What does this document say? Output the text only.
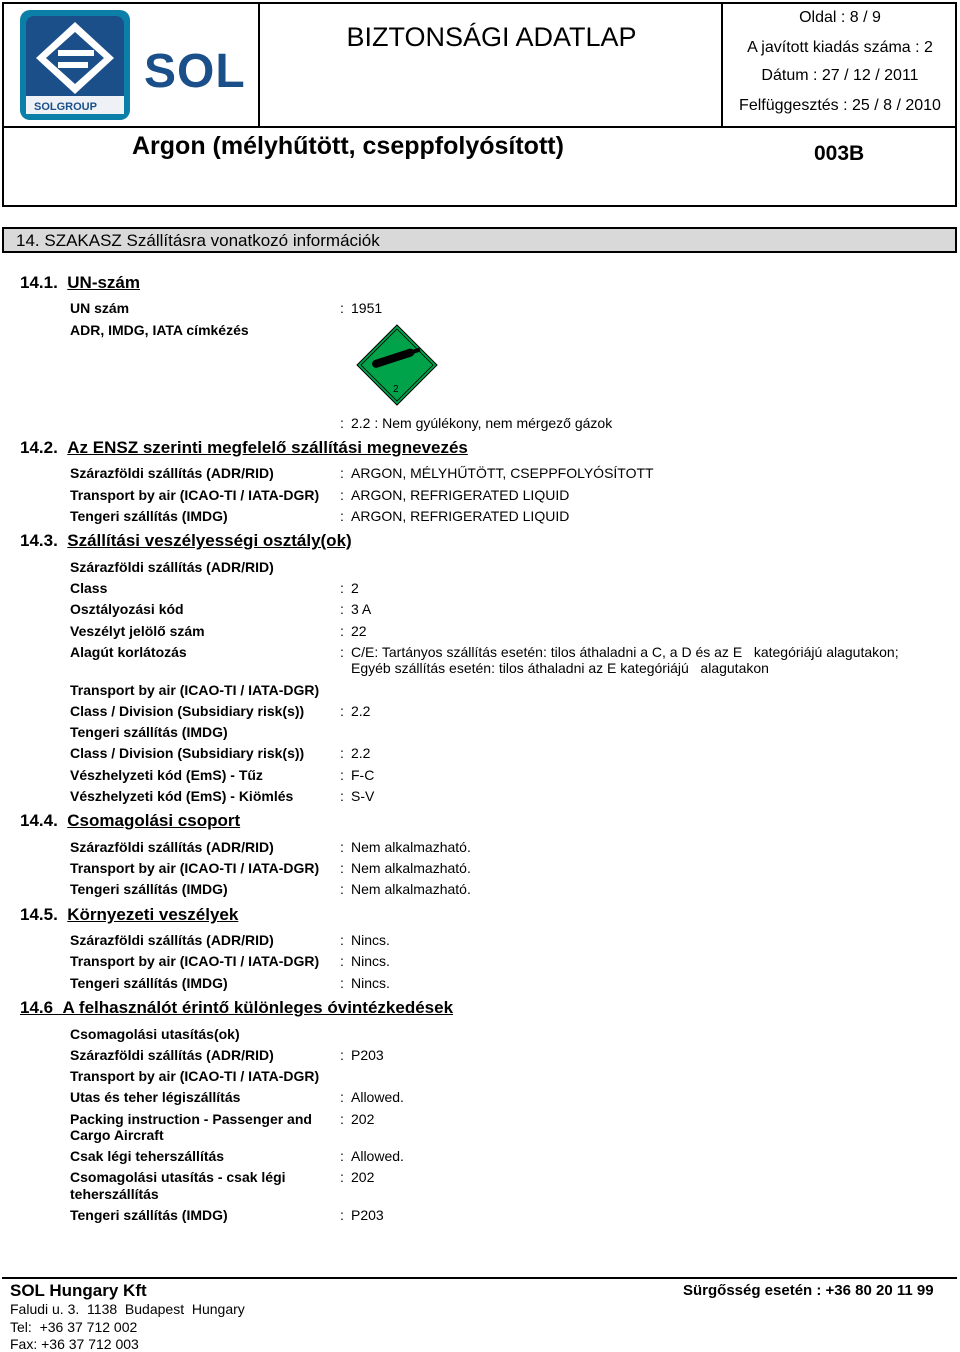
SOL
SOLGROUP
BIZTONSÁGI ADATLAP
Oldal : 8 / 9
A javított kiadás száma : 2
Dátum : 27 / 12 / 2011
Felfüggesztés : 25 / 8 / 2010
Argon (mélyhűtött, cseppfolyósított)	003B
14. SZAKASZ Szállításra vonatkozó információk
14.1. UN-szám
UN szám	: 1951
ADR, IMDG, IATA címkézés
2
: 2.2 : Nem gyúlékony, nem mérgező gázok
14.2. Az ENSZ szerinti megfelelő szállítási megnevezés
Szárazföldi szállítás (ADR/RID)	: ARGON, MÉLYHŰTÖTT, CSEPPFOLYÓSÍTOTT
Transport by air (ICAO-TI / IATA-DGR) : ARGON, REFRIGERATED LIQUID
Tengeri szállítás (IMDG)	: ARGON, REFRIGERATED LIQUID
14.3. Szállítási veszélyességi osztály(ok)
Szárazföldi szállítás (ADR/RID)
Class	: 2
Osztályozási kód	: 3 A
Veszélyt jelölő szám	: 22
Alagút korlátozás	: C/E: Tartányos szállítás esetén: tilos áthaladni a C, a D és az E   kategóriájú alagutakon;
Egyéb szállítás esetén: tilos áthaladni az E kategóriájú   alagutakon
Transport by air (ICAO-TI / IATA-DGR)
Class / Division (Subsidiary risk(s))	: 2.2
Tengeri szállítás (IMDG)
Class / Division (Subsidiary risk(s))	: 2.2
Vészhelyzeti kód (EmS) - Tűz	: F-C
Vészhelyzeti kód (EmS) - Kiömlés	: S-V
14.4. Csomagolási csoport
Szárazföldi szállítás (ADR/RID)	: Nem alkalmazható.
Transport by air (ICAO-TI / IATA-DGR) : Nem alkalmazható.
Tengeri szállítás (IMDG)	: Nem alkalmazható.
14.5. Környezeti veszélyek
Szárazföldi szállítás (ADR/RID)	: Nincs.
Transport by air (ICAO-TI / IATA-DGR) : Nincs.
Tengeri szállítás (IMDG)	: Nincs.
14.6 A felhasználót érintő különleges óvintézkedések
Csomagolási utasítás(ok)
Szárazföldi szállítás (ADR/RID)	: P203
Transport by air (ICAO-TI / IATA-DGR)
Utas és teher légiszállítás	: Allowed.
Packing instruction - Passenger and
Cargo Aircraft
: 202
Csak légi teherszállítás	: Allowed.
Csomagolási utasítás - csak légi
teherszállítás
: 202
Tengeri szállítás (IMDG)	: P203
SOL Hungary Kft	Sürgősség esetén : +36 80 20 11 99
Faludi u. 3.  1138  Budapest  Hungary
Tel:  +36 37 712 002
Fax: +36 37 712 003
